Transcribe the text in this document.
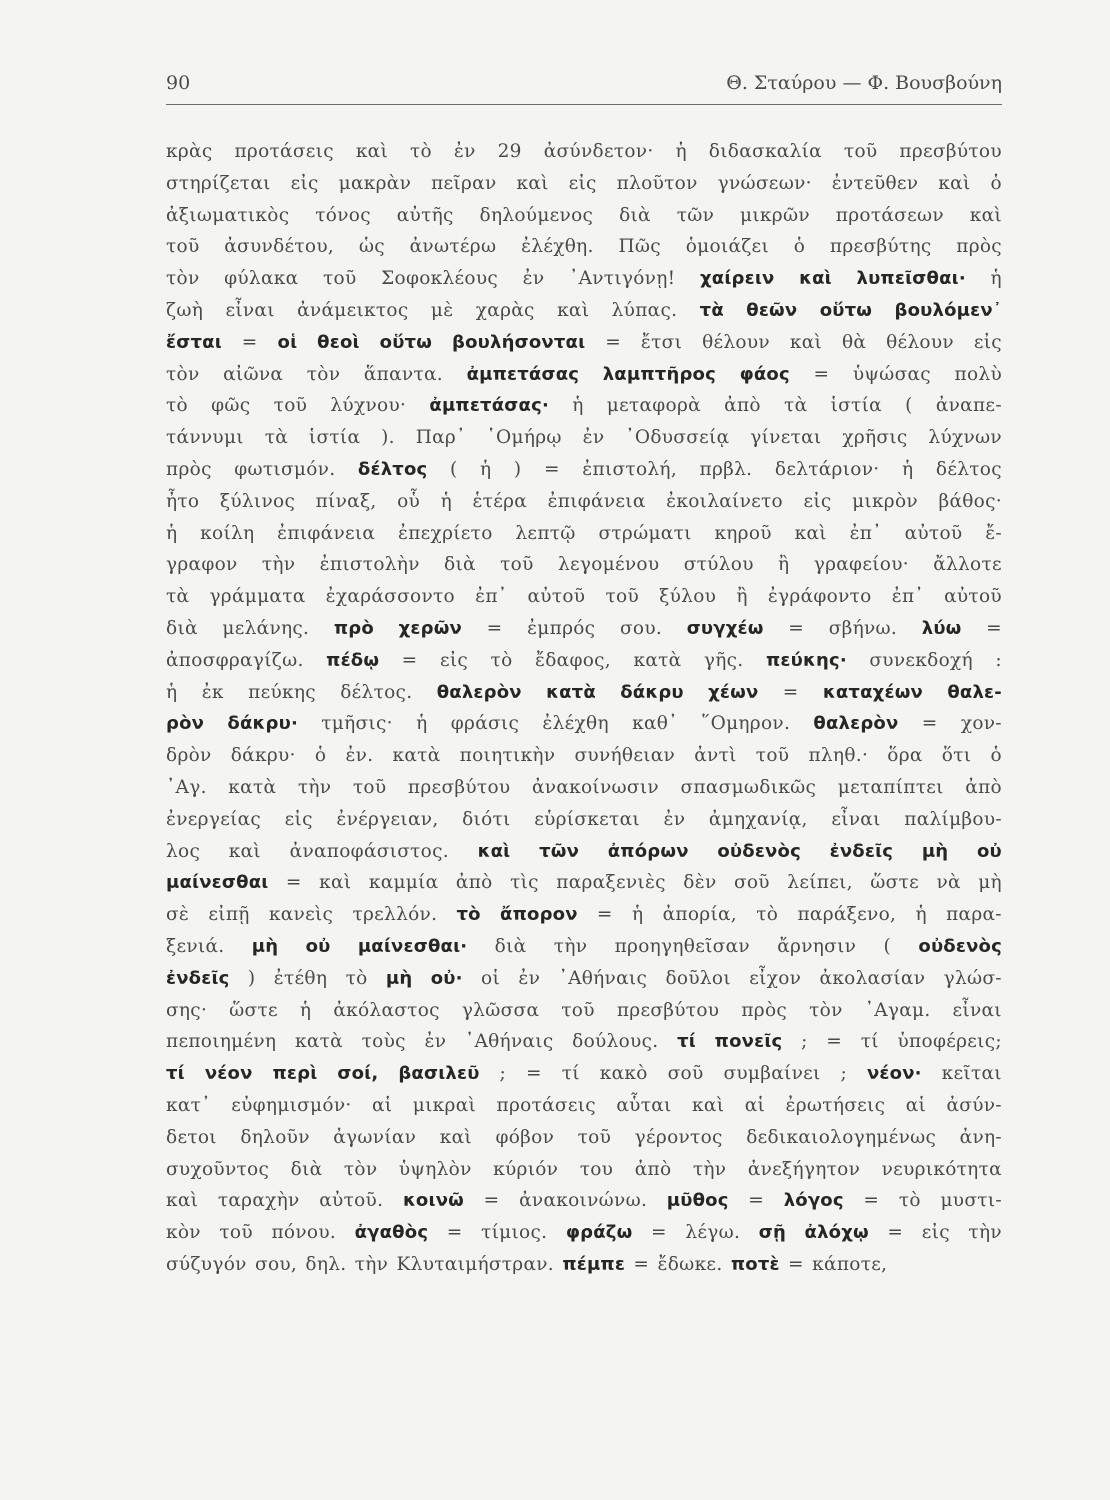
90	Θ. Σταύρου — Φ. Βουσβούνη
κρὰς προτάσεις καὶ τὸ ἐν 29 ἀσύνδετον· ἡ διδασκαλία τοῦ πρεσβύτου
στηρίζεται εἰς μακρὰν πεῖραν καὶ εἰς πλοῦτον γνώσεων· ἐντεῦθεν καὶ ὁ
ἀξιωματικὸς τόνος αὐτῆς δηλούμενος διὰ τῶν μικρῶν προτάσεων καὶ
τοῦ ἀσυνδέτου, ὡς ἀνωτέρω ἐλέχθη. Πῶς ὁμοιάζει ὁ πρεσβύτης πρὸς
τὸν φύλακα τοῦ Σοφοκλέους ἐν ᾿Αντιγόνῃ! χαίρειν καὶ λυπεῖσθαι· ἡ
ζωὴ εἶναι ἀνάμεικτος μὲ χαρὰς καὶ λύπας. τὰ θεῶν οὕτω βουλόμεν᾿
ἔσται = οἱ θεοὶ οὕτω βουλήσονται = ἔτσι θέλουν καὶ θὰ θέλουν εἰς
τὸν αἰῶνα τὸν ἅπαντα. ἀμπετάσας λαμπτῆρος φάος = ὑψώσας πολὺ
τὸ φῶς τοῦ λύχνου· ἀμπετάσας· ἡ μεταφορὰ ἀπὸ τὰ ἱστία ( ἀναπε-
τάννυμι τὰ ἱστία ). Παρ᾿ ῾Ομήρῳ ἐν ᾿Οδυσσείᾳ γίνεται χρῆσις λύχνων
πρὸς φωτισμόν. δέλτος ( ἡ ) = ἐπιστολή, πρβλ. δελτάριον· ἡ δέλτος
ἦτο ξύλινος πίναξ, οὗ ἡ ἑτέρα ἐπιφάνεια ἐκοιλαίνετο εἰς μικρὸν βάθος·
ἡ κοίλη ἐπιφάνεια ἐπεχρίετο λεπτῷ στρώματι κηροῦ καὶ ἐπ᾿ αὐτοῦ ἔ-
γραφον τὴν ἐπιστολὴν διὰ τοῦ λεγομένου στύλου ἢ γραφείου· ἄλλοτε
τὰ γράμματα ἐχαράσσοντο ἐπ᾿ αὐτοῦ τοῦ ξύλου ἢ ἐγράφοντο ἐπ᾿ αὐτοῦ
διὰ μελάνης. πρὸ χερῶν = ἐμπρός σου. συγχέω = σβήνω. λύω =
ἀποσφραγίζω. πέδῳ = εἰς τὸ ἔδαφος, κατὰ γῆς. πεύκης· συνεκδοχή :
ἡ ἐκ πεύκης δέλτος. θαλερὸν κατὰ δάκρυ χέων = καταχέων θαλε-
ρὸν δάκρυ· τμῆσις· ἡ φράσις ἐλέχθη καθ᾿ ῞Ομηρον. θαλερὸν = χον-
δρὸν δάκρυ· ὁ ἐν. κατὰ ποιητικὴν συνήθειαν ἀντὶ τοῦ πληθ.· ὅρα ὅτι ὁ
᾿Αγ. κατὰ τὴν τοῦ πρεσβύτου ἀνακοίνωσιν σπασμωδικῶς μεταπίπτει ἀπὸ
ἐνεργείας εἰς ἐνέργειαν, διότι εὑρίσκεται ἐν ἀμηχανίᾳ, εἶναι παλίμβου-
λος καὶ ἀναποφάσιστος. καὶ τῶν ἀπόρων οὐδενὸς ἐνδεῖς μὴ οὐ
μαίνεσθαι = καὶ καμμία ἀπὸ τὶς παραξενιὲς δὲν σοῦ λείπει, ὥστε νὰ μὴ
σὲ εἰπῇ κανεὶς τρελλόν. τὸ ἄπορον = ἡ ἀπορία, τὸ παράξενο, ἡ παρα-
ξενιά. μὴ οὐ μαίνεσθαι· διὰ τὴν προηγηθεῖσαν ἄρνησιν ( οὐδενὸς
ἐνδεῖς ) ἐτέθη τὸ μὴ οὐ· οἱ ἐν ᾿Αθήναις δοῦλοι εἶχον ἀκολασίαν γλώσ-
σης· ὥστε ἡ ἀκόλαστος γλῶσσα τοῦ πρεσβύτου πρὸς τὸν ᾿Αγαμ. εἶναι
πεποιημένη κατὰ τοὺς ἐν ᾿Αθήναις δούλους. τί πονεῖς ; = τί ὑποφέρεις;
τί νέον περὶ σοί, βασιλεῦ ; = τί κακὸ σοῦ συμβαίνει ; νέον· κεῖται
κατ᾿ εὐφημισμόν· αἱ μικραὶ προτάσεις αὗται καὶ αἱ ἐρωτήσεις αἱ ἀσύν-
δετοι δηλοῦν ἀγωνίαν καὶ φόβον τοῦ γέροντος δεδικαιολογημένως ἀνη-
συχοῦντος διὰ τὸν ὑψηλὸν κύριόν του ἀπὸ τὴν ἀνεξήγητον νευρικότητα
καὶ ταραχὴν αὐτοῦ. κοινῶ = ἀνακοινώνω. μῦθος = λόγος = τὸ μυστι-
κὸν τοῦ πόνου. ἀγαθὸς = τίμιος. φράζω = λέγω. σῇ ἀλόχῳ = εἰς τὴν
σύζυγόν σου, δηλ. τὴν Κλυταιμήστραν. πέμπε = ἔδωκε. ποτὲ = κάποτε,
